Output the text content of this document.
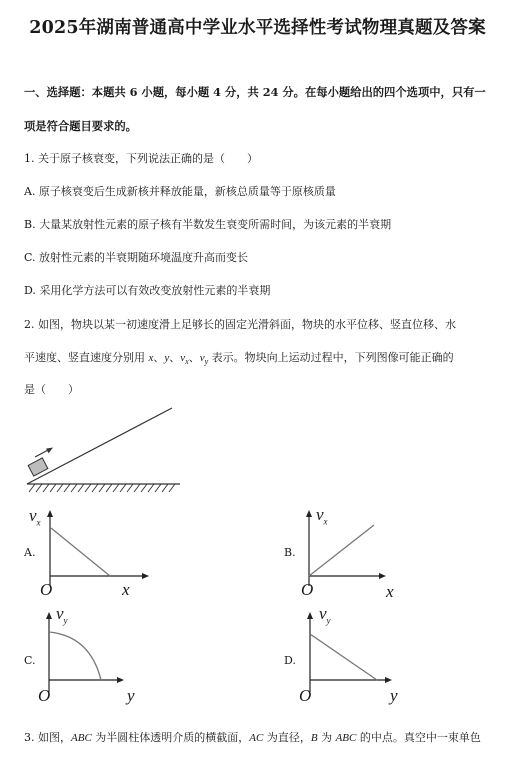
2025年湖南普通高中学业水平选择性考试物理真题及答案
一、选择题：本题共 6 小题，每小题 4 分，共 24 分。在每小题给出的四个选项中，只有一
项是符合题目要求的。
1. 关于原子核衰变，下列说法正确的是（　　）
A. 原子核衰变后生成新核并释放能量，新核总质量等于原核质量
B. 大量某放射性元素的原子核有半数发生衰变所需时间，为该元素的半衰期
C. 放射性元素的半衰期随环境温度升高而变长
D. 采用化学方法可以有效改变放射性元素的半衰期
2. 如图，物块以某一初速度滑上足够长的固定光滑斜面，物块的水平位移、竖直位移、水
平速度、竖直速度分别用 x、y、$v_x$、$v_y$ 表示。物块向上运动过程中，下列图像可能正确的
是（　　）
A.
$v_x$
O	x
B.
O
$v_x$
x
C.
O
$v_y$
y
D.
O
$v_y$
y
3. 如图，ABC 为半圆柱体透明介质的横截面，AC 为直径，B 为 ABC 的中点。真空中一束单色
